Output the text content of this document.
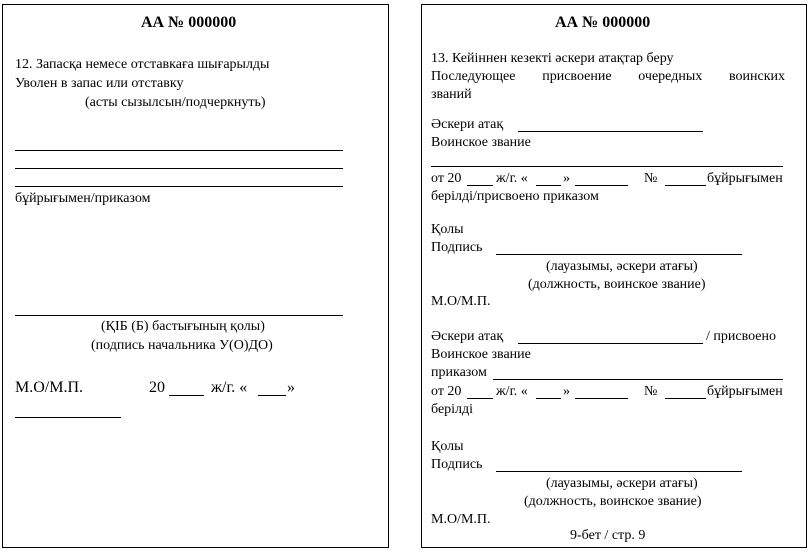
АА № 000000
12. Запасқа немесе отставкаға шығарылды
Уволен в запас или отставку
(асты сызылсын/подчеркнуть)
бұйрығымен/приказом
(ҚІБ (Б) бастығының қолы)
(подпись начальника У(О)ДО)
М.О/М.П.	20	ж/г. « »
АА № 000000
13. Кейіннен кезекті әскери атақтар беру
Последующее присвоение очередных воинских
званий
Әскери атақ
Воинское звание
от 20 ж/г. «	»	№	бұйрығымен
берілді/присвоено приказом
Қолы
Подпись
(лауазымы, әскери атағы)
(должность, воинское звание)
М.О/М.П.
Әскери атақ	/ присвоено
Воинское звание
приказом
от 20 ж/г. «	»	№	бұйрығымен
берілді
Қолы
Подпись
(лауазымы, әскери атағы)
(должность, воинское звание)
М.О/М.П.
9-бет / стр. 9
